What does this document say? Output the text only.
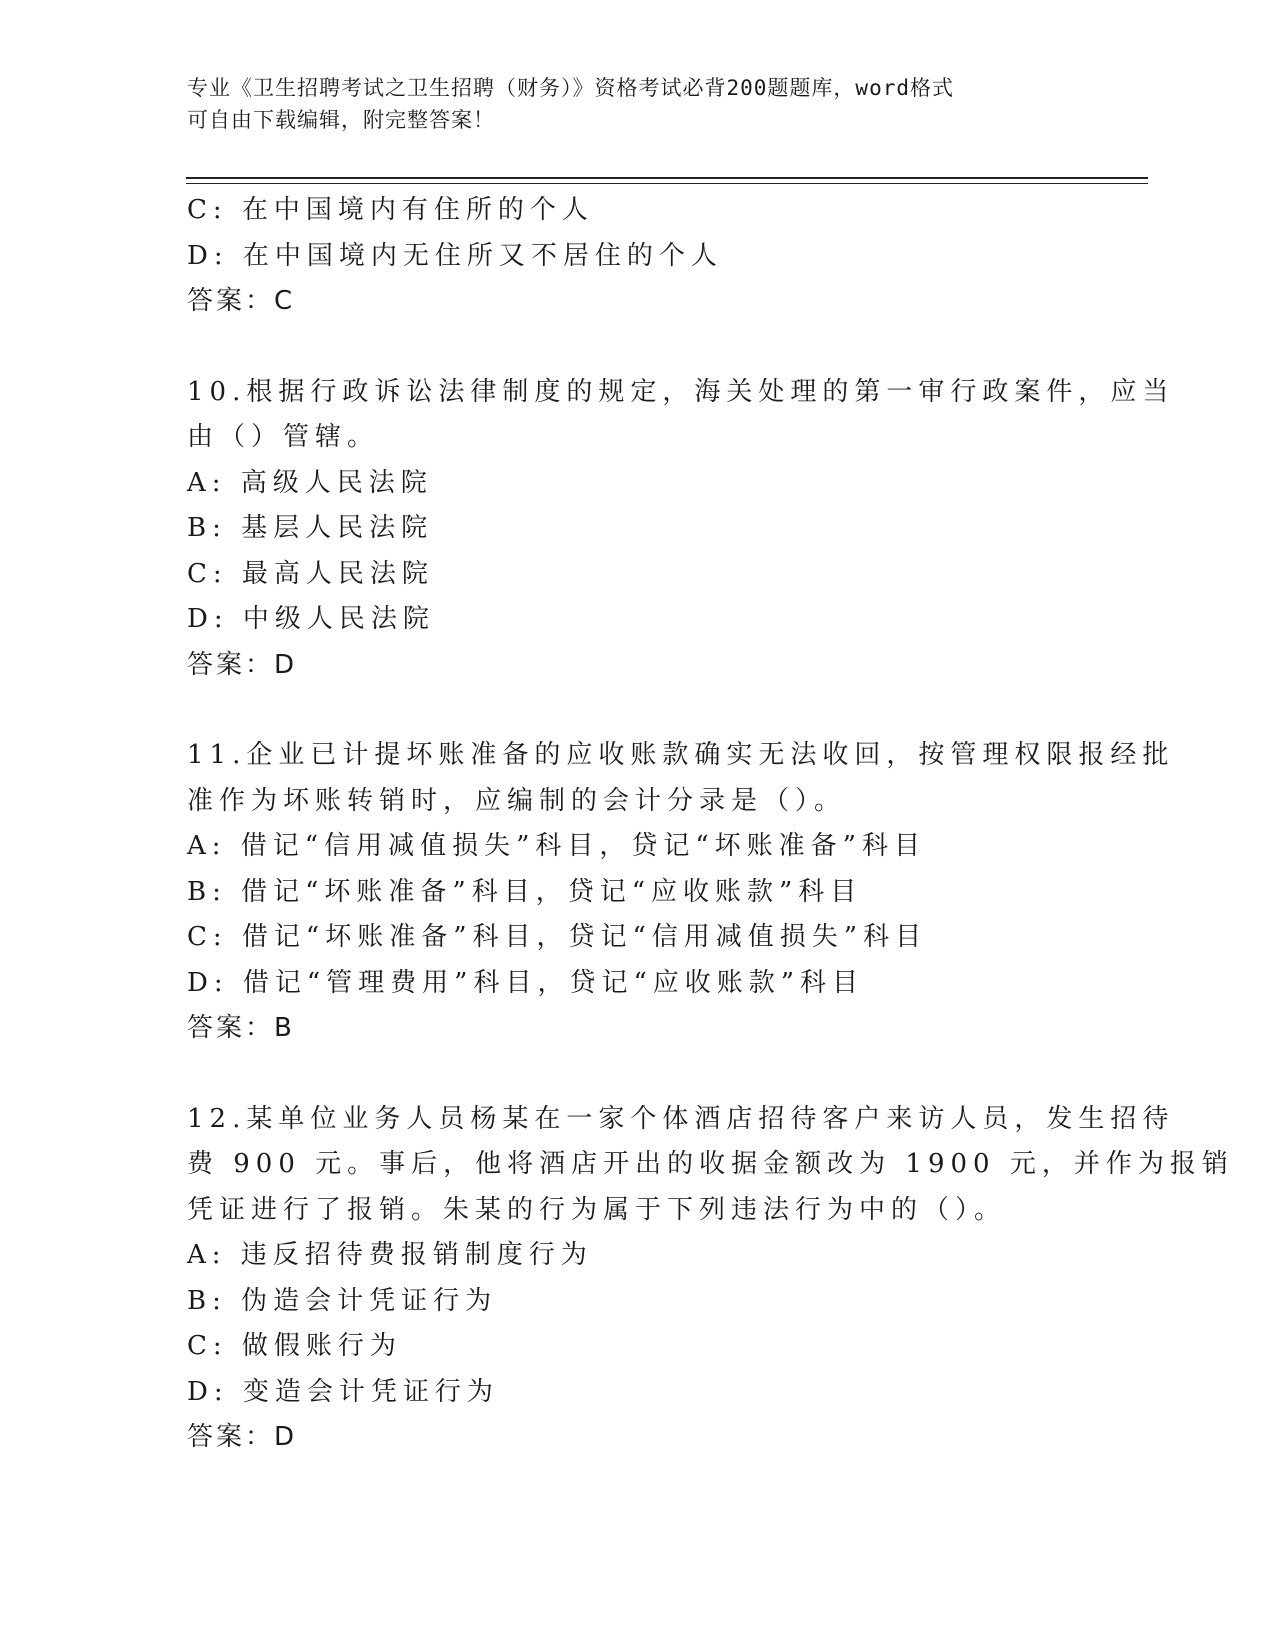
专业《卫生招聘考试之卫生招聘（财务）》资格考试必背200题题库，word格式
可自由下载编辑，附完整答案！
C: 在中国境内有住所的个人
D: 在中国境内无住所又不居住的个人
答案：C
10.根据行政诉讼法律制度的规定，海关处理的第一审行政案件，应当
由（）管辖。
A: 高级人民法院
B: 基层人民法院
C: 最高人民法院
D: 中级人民法院
答案：D
11.企业已计提坏账准备的应收账款确实无法收回，按管理权限报经批
准作为坏账转销时，应编制的会计分录是（）。
A: 借记“信用减值损失”科目，贷记“坏账准备”科目
B: 借记“坏账准备”科目，贷记“应收账款”科目
C: 借记“坏账准备”科目，贷记“信用减值损失”科目
D: 借记“管理费用”科目，贷记“应收账款”科目
答案：B
12.某单位业务人员杨某在一家个体酒店招待客户来访人员，发生招待
费 900 元。事后，他将酒店开出的收据金额改为 1900 元，并作为报销
凭证进行了报销。朱某的行为属于下列违法行为中的（）。
A: 违反招待费报销制度行为
B: 伪造会计凭证行为
C: 做假账行为
D: 变造会计凭证行为
答案：D
